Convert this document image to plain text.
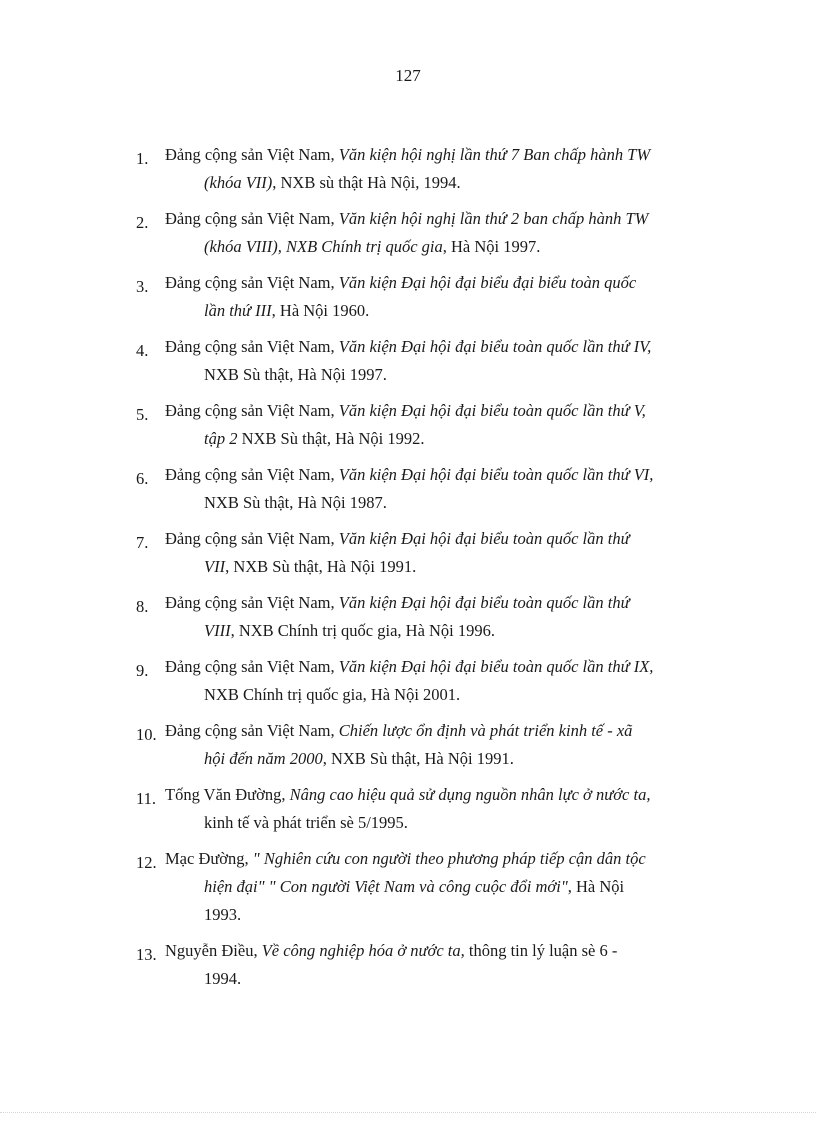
127
1. Đảng cộng sản Việt Nam, Văn kiện hội nghị lần thứ 7 Ban chấp hành TW
(khóa VII), NXB sù thật Hà Nội, 1994.
2. Đảng cộng sản Việt Nam, Văn kiện hội nghị lần thứ 2 ban chấp hành TW
(khóa VIII), NXB Chính trị quốc gia, Hà Nội 1997.
3. Đảng cộng sản Việt Nam, Văn kiện Đại hội đại biểu đại biểu toàn quốc
lần thứ III, Hà Nội 1960.
4. Đảng cộng sản Việt Nam, Văn kiện Đại hội đại biểu toàn quốc lần thứ IV,
NXB Sù thật, Hà Nội 1997.
5. Đảng cộng sản Việt Nam, Văn kiện Đại hội đại biểu toàn quốc lần thứ V,
tập 2 NXB Sù thật, Hà Nội 1992.
6. Đảng cộng sản Việt Nam, Văn kiện Đại hội đại biểu toàn quốc lần thứ VI,
NXB Sù thật, Hà Nội 1987.
7. Đảng cộng sản Việt Nam, Văn kiện Đại hội đại biểu toàn quốc lần thứ
VII, NXB Sù thật, Hà Nội 1991.
8. Đảng cộng sản Việt Nam, Văn kiện Đại hội đại biểu toàn quốc lần thứ
VIII, NXB Chính trị quốc gia, Hà Nội 1996.
9. Đảng cộng sản Việt Nam, Văn kiện Đại hội đại biểu toàn quốc lần thứ IX,
NXB Chính trị quốc gia, Hà Nội 2001.
10. Đảng cộng sản Việt Nam, Chiến lược ổn định và phát triển kinh tế - xã
hội đến năm 2000, NXB Sù thật, Hà Nội 1991.
11. Tống Văn Đường, Nâng cao hiệu quả sử dụng nguồn nhân lực ở nước ta,
kinh tế và phát triển sè 5/1995.
12. Mạc Đường, " Nghiên cứu con người theo phương pháp tiếp cận dân tộc
hiện đại" " Con người Việt Nam và công cuộc đổi mới", Hà Nội
1993.
13. Nguyễn Điều, Về công nghiệp hóa ở nước ta, thông tin lý luận sè 6 -
1994.
